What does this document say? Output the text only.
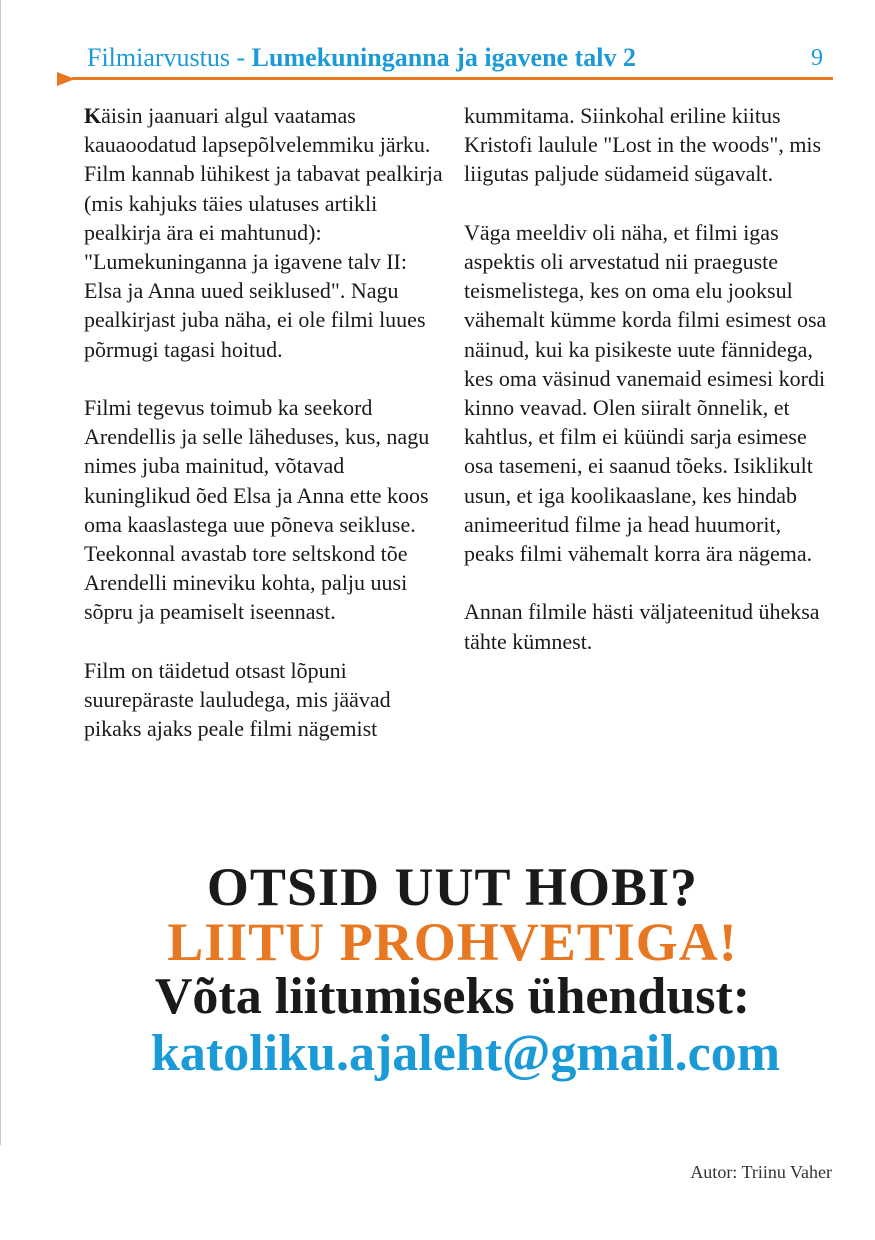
Filmiarvustus - Lumekuninganna ja igavene talv 2	9

Käisin jaanuari algul vaatamas kauaoodatud lapsepõlvelemmiku järku. Film kannab lühikest ja tabavat pealkirja (mis kahjuks täies ulatuses artikli pealkirja ära ei mahtunud): "Lumekuninganna ja igavene talv II: Elsa ja Anna uued seiklused". Nagu pealkirjast juba näha, ei ole filmi luues põrmugi tagasi hoitud.

Filmi tegevus toimub ka seekord Arendellis ja selle läheduses, kus, nagu nimes juba mainitud, võtavad kuninglikud õed Elsa ja Anna ette koos oma kaaslastega uue põneva seikluse. Teekonnal avastab tore seltskond tõe Arendelli mineviku kohta, palju uusi sõpru ja peamiselt iseennast.

Film on täidetud otsast lõpuni suurepäraste lauludega, mis jäävad pikaks ajaks peale filmi nägemist

kummitama. Siinkohal eriline kiitus Kristofi laulule "Lost in the woods", mis liigutas paljude südameid sügavalt.

Väga meeldiv oli näha, et filmi igas aspektis oli arvestatud nii praeguste teismelistega, kes on oma elu jooksul vähemalt kümme korda filmi esimest osa näinud, kui ka pisikeste uute fännidega, kes oma väsinud vanemaid esimesi kordi kinno veavad. Olen siiralt õnnelik, et kahtlus, et film ei küündi sarja esimese osa tasemeni, ei saanud tõeks. Isiklikult usun, et iga koolikaaslane, kes hindab animeeritud filme ja head huumorit, peaks filmi vähemalt korra ära nägema.

Annan filmile hästi väljateenitud üheksa tähte kümnest.

OTSID UUT HOBI?
LIITU PROHVETIGA!
Võta liitumiseks ühendust:
katoliku.ajaleht@gmail.com
Autor: Triinu Vaher
